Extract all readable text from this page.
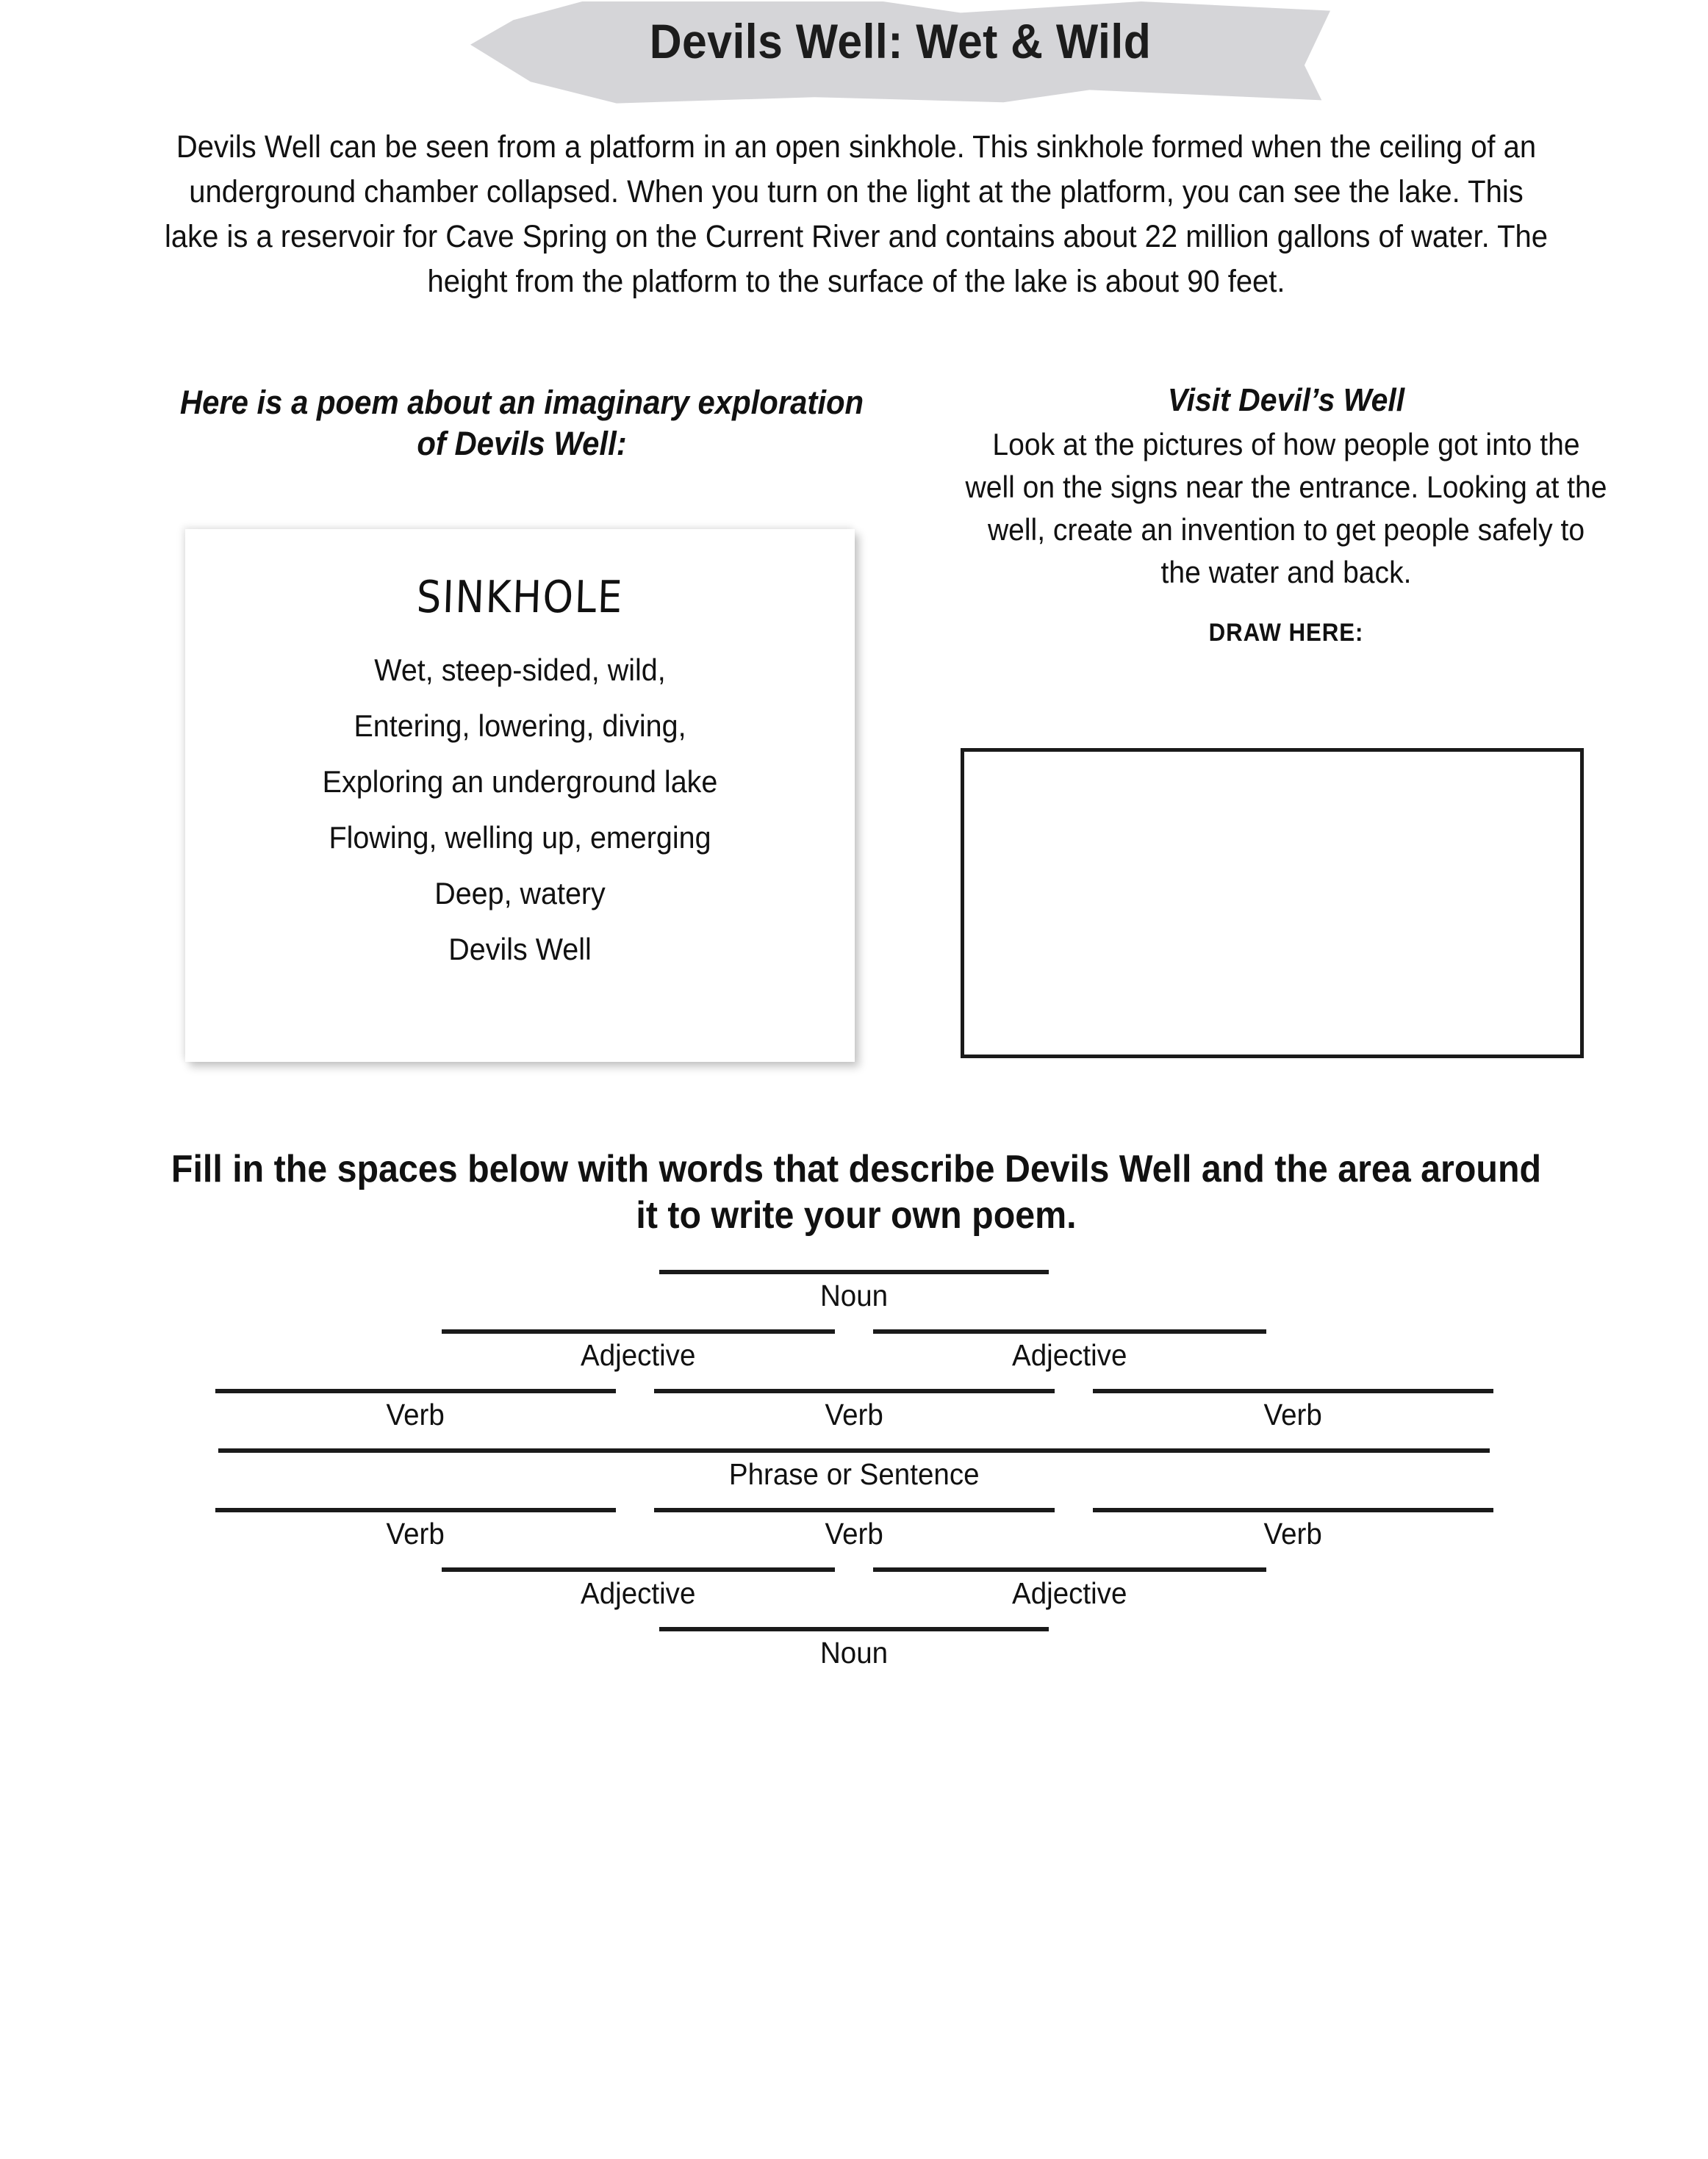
Devils Well: Wet & Wild
Devils Well can be seen from a platform in an open sinkhole. This sinkhole formed when the ceiling of an underground chamber collapsed. When you turn on the light at the platform, you can see the lake. This lake is a reservoir for Cave Spring on the Current River and contains about 22 million gallons of water. The height from the platform to the surface of the lake is about 90 feet.
Here is a poem about an imaginary exploration of Devils Well:
SINKHOLE
Wet, steep-sided, wild,
Entering, lowering, diving,
Exploring an underground lake
Flowing, welling up, emerging
Deep, watery
Devils Well
Visit Devil’s Well
Look at the pictures of how people got into the well on the signs near the entrance. Looking at the well, create an invention to get people safely to the water and back.
DRAW HERE:
Fill in the spaces below with words that describe Devils Well and the area around it to write your own poem.
Noun
Adjective	Adjective
Verb	Verb	Verb
Phrase or Sentence
Verb	Verb	Verb
Adjective	Adjective
Noun
